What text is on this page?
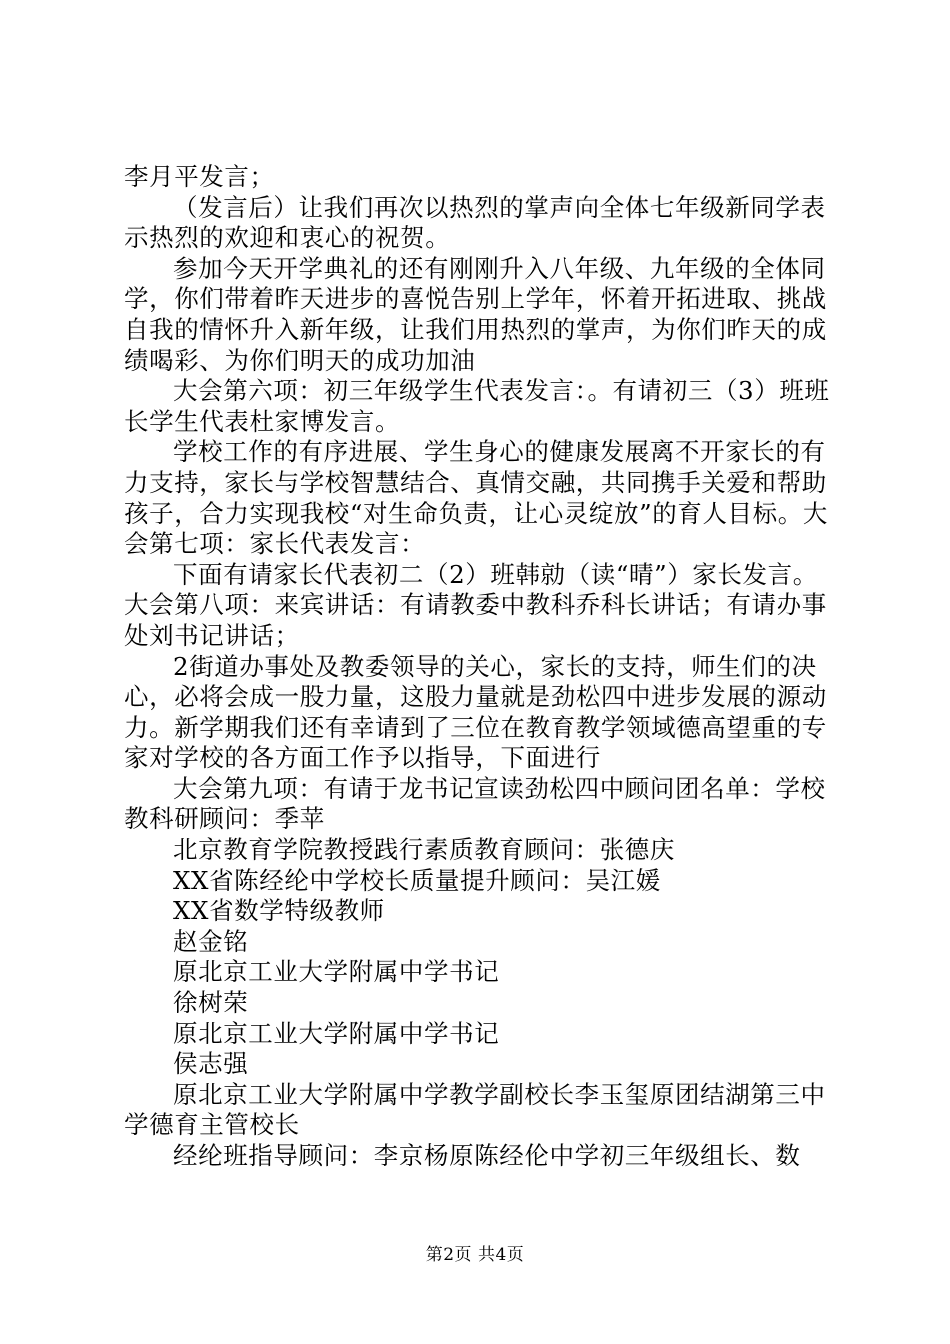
李月平发言；

（发言后）让我们再次以热烈的掌声向全体七年级新同学表示热烈的欢迎和衷心的祝贺。

参加今天开学典礼的还有刚刚升入八年级、九年级的全体同学，你们带着昨天进步的喜悦告别上学年，怀着开拓进取、挑战自我的情怀升入新年级，让我们用热烈的掌声，为你们昨天的成绩喝彩、为你们明天的成功加油

大会第六项：初三年级学生代表发言：。有请初三（3）班班长学生代表杜家博发言。

学校工作的有序进展、学生身心的健康发展离不开家长的有力支持，家长与学校智慧结合、真情交融，共同携手关爱和帮助孩子，合力实现我校“对生命负责，让心灵绽放”的育人目标。大会第七项：家长代表发言：

下面有请家长代表初二（2）班韩勍（读“晴”）家长发言。大会第八项：来宾讲话：有请教委中教科乔科长讲话；有请办事处刘书记讲话；

2街道办事处及教委领导的关心，家长的支持，师生们的决心，必将会成一股力量，这股力量就是劲松四中进步发展的源动力。新学期我们还有幸请到了三位在教育教学领域德高望重的专家对学校的各方面工作予以指导，下面进行

大会第九项：有请于龙书记宣读劲松四中顾问团名单：学校教科研顾问：季苹

北京教育学院教授践行素质教育顾问：张德庆

XX省陈经纶中学校长质量提升顾问：吴江媛

XX省数学特级教师

赵金铭

原北京工业大学附属中学书记

徐树荣

原北京工业大学附属中学书记

侯志强

原北京工业大学附属中学教学副校长李玉玺原团结湖第三中学德育主管校长

经纶班指导顾问：李京杨原陈经伦中学初三年级组长、数

第2页 共4页
